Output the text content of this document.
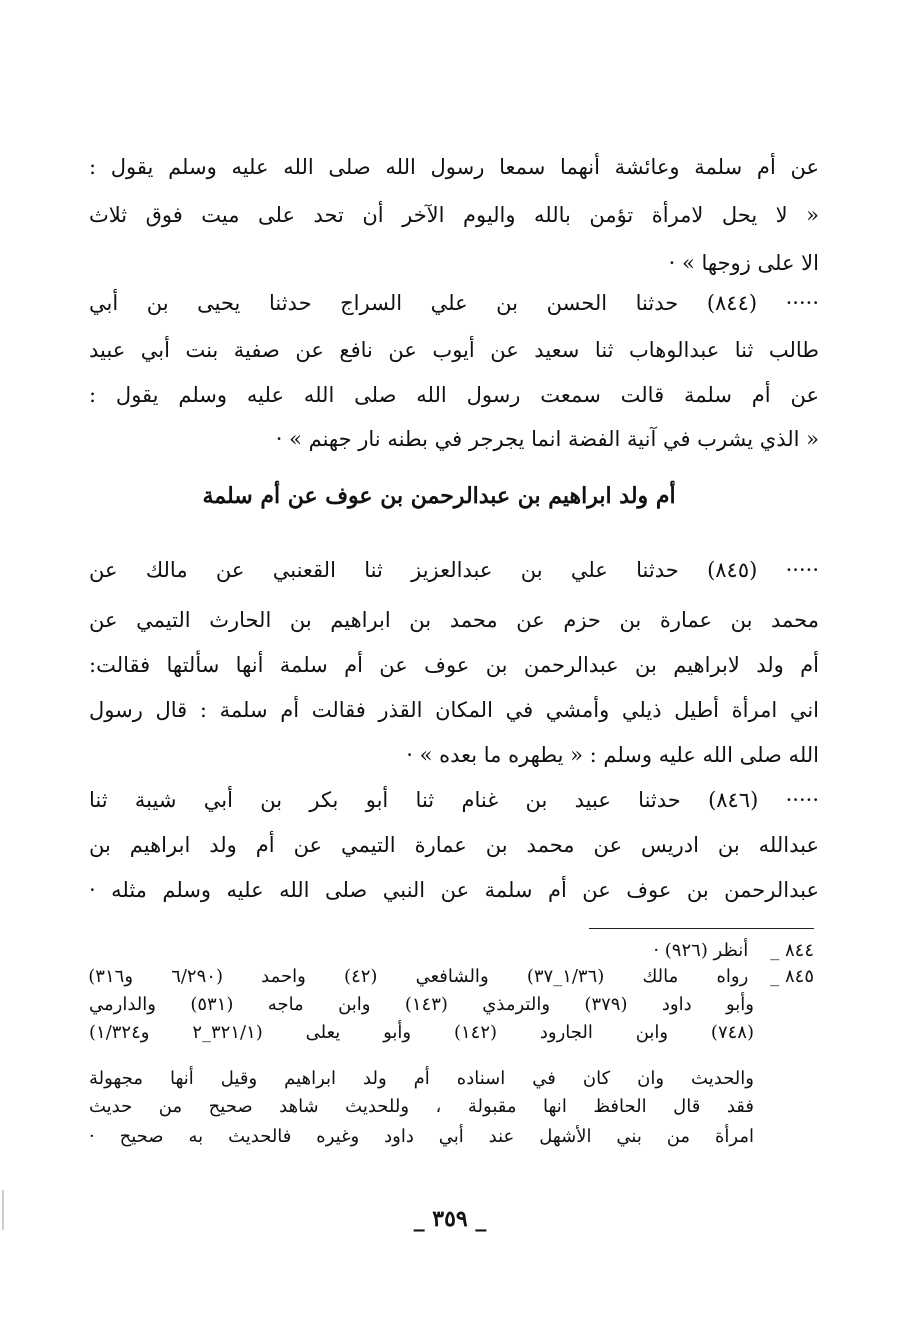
عن أم سلمة وعائشة أنهما سمعا رسول الله صلى الله عليه وسلم يقول :
« لا يحل لامرأة تؤمن بالله واليوم الآخر أن تحد على ميت فوق ثلاث
الا على زوجها » ·
····· (٨٤٤) حدثنا الحسن بن علي السراج حدثنا يحيى بن أبي
طالب ثنا عبدالوهاب ثنا سعيد عن أيوب عن نافع عن صفية بنت أبي عبيد
عن أم سلمة قالت سمعت رسول الله صلى الله عليه وسلم يقول :
« الذي يشرب في آنية الفضة انما يجرجر في بطنه نار جهنم » ·
أم ولد ابراهيم بن عبدالرحمن بن عوف عن أم سلمة
····· (٨٤٥) حدثنا علي بن عبدالعزيز ثنا القعنبي عن مالك عن
محمد بن عمارة بن حزم عن محمد بن ابراهيم بن الحارث التيمي عن
أم ولد لابراهيم بن عبدالرحمن بن عوف عن أم سلمة أنها سألتها فقالت:
اني امرأة أطيل ذيلي وأمشي في المكان القذر فقالت أم سلمة : قال رسول
الله صلى الله عليه وسلم : « يطهره ما بعده » ·
····· (٨٤٦) حدثنا عبيد بن غنام ثنا أبو بكر بن أبي شيبة ثنا
عبدالله بن ادريس عن محمد بن عمارة التيمي عن أم ولد ابراهيم بن
عبدالرحمن بن عوف عن أم سلمة عن النبي صلى الله عليه وسلم مثله ·
٨٤٤ _ أنظر (٩٢٦) ·
٨٤٥ _ رواه مالك (١/٣٦_٣٧) والشافعي (٤٢) واحمد (٦/٢٩٠ و٣١٦)
وأبو داود (٣٧٩) والترمذي (١٤٣) وابن ماجه (٥٣١) والدارمي
(٧٤٨) وابن الجارود (١٤٢) وأبو يعلى (٣٢١/١_٢ و١/٣٢٤)
والحديث وان كان في اسناده أم ولد ابراهيم وقيل أنها مجهولة
فقد قال الحافظ انها مقبولة ، وللحديث شاهد صحيح من حديث
امرأة من بني الأشهل عند أبي داود وغيره فالحديث به صحيح ·
_ ٣٥٩ _
